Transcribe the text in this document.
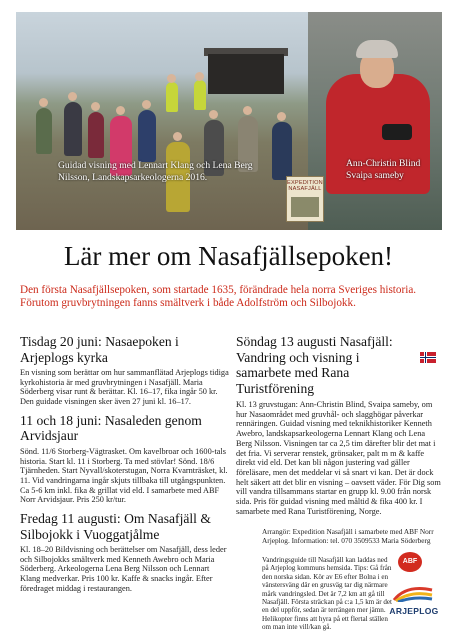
Guidad visning med Lennart Klang och Lena Berg Nilsson, Landskapsarkeologerna 2016.
Ann-Christin Blind Svaipa sameby
EXPEDITION NASAFJÄLL
Lär mer om Nasafjällsepoken!
Den första Nasafjällsepoken, som startade 1635, förändrade hela norra Sveriges historia. Förutom gruvbrytningen fanns smältverk i både Adolfström och Silbojokk.

Tisdag 20 juni: Nasaepoken i Arjeplogs kyrka

En visning som berättar om hur sammanflätad Arjeplogs tidiga kyrkohistoria är med gruvbrytningen i Nasafjäll. Maria Söderberg visar runt & berättar. Kl. 16–17, fika ingår 50 kr. Den guidade visningen sker även 27 juni kl. 16–17.

11 och 18 juni: Nasaleden genom Arvidsjaur

Sönd. 11/6 Storberg-Vägtrasket. Om kavelbroar och 1600-tals historia. Start kl. 11 i Storberg. Ta med stövlar! Sönd. 18/6 Tjärnheden. Start Nyvall/skoterstugan, Norra Kvarnträsket, kl. 11. Vid vandringarna ingår skjuts tillbaka till utgångspunkten. Ca 5-6 km inkl. fika & grillat vid eld. I samarbete med ABF Norr Arvidsjaur. Pris 250 kr/tur.

Fredag 11 augusti: Om Nasafjäll & Silbojokk i Vuoggatjålme

Kl. 18–20 Bildvisning och berättelser om Nasafjäll, dess leder och Silbojokks smältverk med Kenneth Awebro och Maria Söderberg. Arkeologerna Lena Berg Nilsson och Lennart Klang medverkar. Pris 100 kr. Kaffe & snacks ingår. Efter föredraget middag i restaurangen.

Söndag 13 augusti Nasafjäll: Vandring och visning i samarbete med Rana Turistförening

Kl. 13 gruvstugan: Ann-Christin Blind, Svaipa sameby, om hur Nasaområdet med gruvhål- och slagghögar påverkar rennäringen. Guidad visning med teknikhistoriker Kenneth Awebro, landskapsarkeologerna Lennart Klang och Lena Berg Nilsson. Visningen tar ca 2,5 tim därefter blir det mat i det fria. Vi serverar renstek, grönsaker, palt m m & kaffe direkt vid eld. Det kan bli någon justering vad gäller föreläsare, men det meddelar vi så snart vi kan. Det är dock helt säkert att det blir en visning – oavsett väder. För Dig som vill vandra tillsammans startar en grupp kl. 9.00 från norsk sida. Pris för guidad visning med måltid & fika 400 kr. I samarbete med Rana Turistförening, Norge.

Arrangör: Expedition Nasafjäll i samarbete med ABF Norr Arjeplog. Information: tel. 070 3509533 Maria Söderberg

Vandringsguide till Nasafjäll kan laddas ned på Arjeplog kommuns hemsida. Tips: Gå från den norska sidan. Kör av E6 efter Bolna i en vänstersväng där en grusväg tar dig närmare mårk vandringsled. Det är 7,2 km att gå till Nasafjäll. Första sträckan på c:a 1,5 km är det en del uppför, sedan är terrängen mer jämn. Helikopter finns att hyra på ett flertal ställen om man inte vill/kan gå.

ABF
ARJEPLOG
